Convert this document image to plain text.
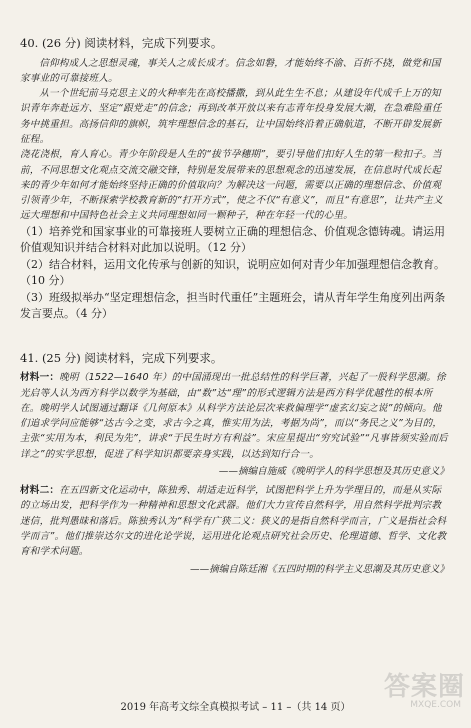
40. (26 分) 阅读材料，完成下列要求。

信仰构成人之思想灵魂，事关人之成长成才。信念如磐，才能始终不渝、百折不挠，做党和国家事业的可靠接班人。

从一个世纪前马克思主义的火种率先在高校播撒，到从此生生不息；从建设年代成千上万的知识青年奔赴远方、坚定“跟党走”的信念；再到改革开放以来有志青年投身发展大潮，在急难险重任务中挑重担。高扬信仰的旗帜，筑牢理想信念的基石，让中国始终沿着正确航道，不断开辟发展新征程。

浇花浇根，育人育心。青少年阶段是人生的“拔节孕穗期”，要引导他们扣好人生的第一粒扣子。当前，不同思想文化观点交流交融交锋，特别是发展带来的思想观念的迅速发展，在信息时代成长起来的青少年如何才能始终坚持正确的价值取向？为解决这一问题，需要以正确的理想信念、价值观引领青少年，不断探索学校教育新的“打开方式”，使之不仅“有意义”，而且“有意思”，让共产主义远大理想和中国特色社会主义共同理想如同一颗种子，种在年轻一代的心里。

（1）培养党和国家事业的可靠接班人要树立正确的理想信念、价值观念德铸魂。请运用价值观知识并结合材料对此加以说明。（12 分）

（2）结合材料，运用文化传承与创新的知识，说明应如何对青少年加强理想信念教育。（10 分）

（3）班级拟举办“坚定理想信念，担当时代重任”主题班会，请从青年学生角度列出两条发言要点。（4 分）

41. (25 分) 阅读材料，完成下列要求。

材料一：晚明（1522—1640 年）的中国涌现出一批总结性的科学巨著，兴起了一股科学思潮。徐光启等人认为西方科学以数学为基础，由“数”达“理”的形式逻辑方法是西方科学优越性的根本所在。晚明学人试图通过翻译《几何原本》从科学方法论层次来救偏理学“虚玄幻妄之说”的倾向。他们追求学问应能够“达古今之变，求古今之真，惟实用为法，考据为尚”，而以“务民之义”为目的，主张“实用为本，利民为先”，讲求“于民生时方有利益”。宋应星提出“穷究试验”“凡事皆须实验而后详之”的实学思想，促进了科学知识都要亲身实践，以达到知行合一。

——摘编自施威《晚明学人的科学思想及其历史意义》

材料二：在五四新文化运动中，陈独秀、胡适走近科学，试图把科学上升为学理目的，而是从实际的立场出发，把科学作为一种精神和思想文化武器。他们大力宣传自然科学，用自然科学批判宗教迷信，批判愚昧和落后。陈独秀认为“科学有广狭二义：狭义的是指自然科学而言，广义是指社会科学而言”。他们推崇达尔文的进化论学说，运用进化论观点研究社会历史、伦理道德、哲学、文化教育和学术问题。

——摘编自陈廷湘《五四时期的科学主义思潮及其历史意义》

2019 年高考文综全真模拟考试 – 11 –（共 14 页）
答案圈
MXQE.COM
